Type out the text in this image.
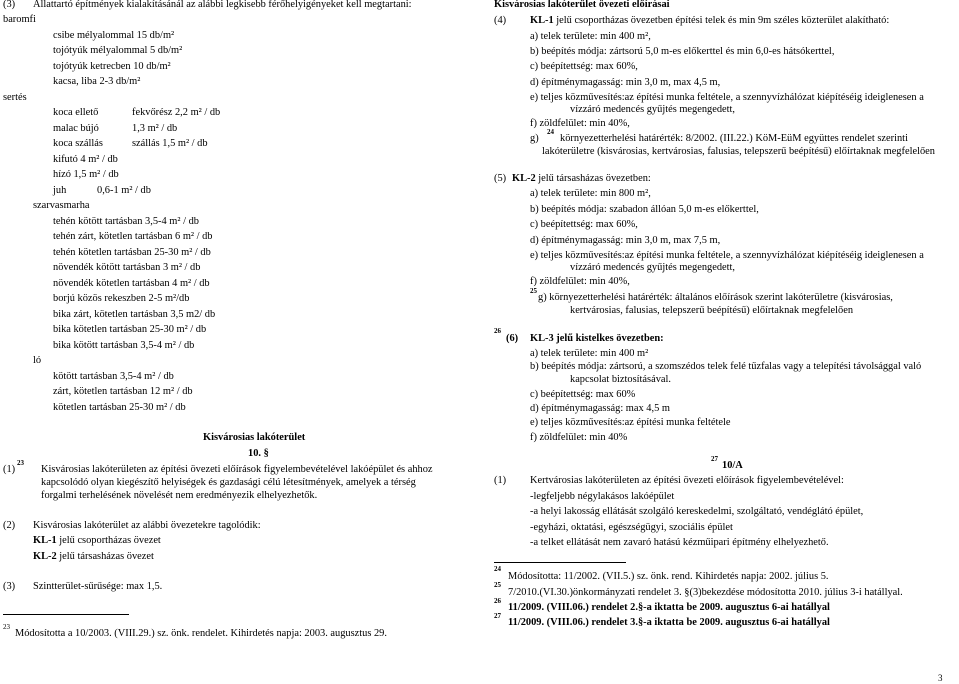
(3) Állattartó építmények kialakításánál az alábbi legkisebb férőhelyigényeket kell megtartani:
baromfi
csibe mélyalommal 15 db/m²
tojótyúk mélyalommal 5 db/m²
tojótyúk ketrecben 10 db/m²
kacsa, liba 2-3 db/m²
sertés
koca ellető	fekvőrész 2,2 m² / db
malac bújó	1,3 m² / db
koca szállás	szállás 1,5 m² / db
kifutó 4 m² / db
hízó 1,5 m² / db
juh	0,6-1 m² / db
szarvasmarha
tehén kötött tartásban 3,5-4 m² / db
tehén zárt, kötetlen tartásban 6 m² / db
tehén kötetlen tartásban 25-30 m² / db
növendék kötött tartásban 3 m² / db
növendék kötetlen tartásban 4 m² / db
borjú közös rekeszben 2-5 m²/db
bika zárt, kötetlen tartásban 3,5 m2/ db
bika kötetlen tartásban 25-30 m² / db
bika kötött tartásban 3,5-4 m² / db
ló
kötött tartásban 3,5-4 m² / db
zárt, kötetlen tartásban 12 m² / db
kötetlen tartásban 25-30 m² / db
Kisvárosias lakóterület
10. §
(1)
23
Kisvárosias lakóterületen az építési övezeti előírások figyelembevételével lakóépület és ahhoz
kapcsolódó olyan kiegészítő helyiségek és gazdasági célú létesítmények, amelyek a térség
forgalmi terhelésének növelését nem eredményezik elhelyezhetők.
(2) Kisvárosias lakóterület az alábbi övezetekre tagolódik:
KL-1 jelű csoportházas övezet
KL-2 jelű társasházas övezet
(3) Szintterület-sűrűsége: max 1,5.
23
Módosította a 10/2003. (VIII.29.) sz. önk. rendelet. Kihirdetés napja: 2003. augusztus 29.
Kisvárosias lakóterület övezeti előírásai
(4) KL-1 jelű csoportházas övezetben építési telek és min 9m széles közterület alakítható:
a) telek területe: min 400 m²,
b) beépítés módja: zártsorú 5,0 m-es előkerttel és min 6,0-es hátsókerttel,
c) beépítettség: max 60%,
d) építménymagasság: min 3,0 m, max 4,5 m,
e) teljes közművesítés:az építési munka feltétele, a szennyvízhálózat kiépítéséig ideiglenesen a
vízzáró medencés gyűjtés megengedett,
f) zöldfelület: min 40%,
g)
24
környezetterhelési határérték: 8/2002. (III.22.) KöM-EüM együttes rendelet szerinti
lakóterületre (kisvárosias, kertvárosias, falusias, telepszerű beépítésű) előírtaknak megfelelően
(5) KL-2 jelű társasházas övezetben:
a) telek területe: min 800 m²,
b) beépítés módja: szabadon állóan 5,0 m-es előkerttel,
c) beépítettség: max 60%,
d) építménymagasság: min 3,0 m, max 7,5 m,
e) teljes közművesítés:az építési munka feltétele, a szennyvízhálózat kiépítéséig ideiglenesen a
vízzáró medencés gyűjtés megengedett,
f) zöldfelület: min 40%,
25
g) környezetterhelési határérték: általános előírások szerint lakóterületre (kisvárosias,
kertvárosias, falusias, telepszerű beépítésű) előírtaknak megfelelően
26
(6) KL-3 jelű kistelkes övezetben:
a) telek területe: min 400 m²
b) beépítés módja: zártsorú, a szomszédos telek felé tűzfalas vagy a telepítési távolsággal való
kapcsolat biztosításával.
c) beépítettség: max 60%
d) építménymagasság: max 4,5 m
e) teljes közművesítés:az építési munka feltétele
f) zöldfelület: min 40%
27
10/A
(1) Kertvárosias lakóterületen az építési övezeti előírások figyelembevételével:
-legfeljebb négylakásos lakóépület
-a helyi lakosság ellátását szolgáló kereskedelmi, szolgáltató, vendéglátó épület,
-egyházi, oktatási, egészségügyi, szociális épület
-a telket ellátását nem zavaró hatású kézműipari építmény elhelyezhető.
24
Módosította: 11/2002. (VII.5.) sz. önk. rend. Kihirdetés napja: 2002. július 5.
25
7/2010.(VI.30.)önkormányzati rendelet 3. §(3)bekezdése módosította 2010. július 3-i hatállyal.
26
11/2009. (VIII.06.) rendelet 2.§-a iktatta be 2009. augusztus 6-ai hatállyal
27
11/2009. (VIII.06.) rendelet 3.§-a iktatta be 2009. augusztus 6-ai hatállyal
3
